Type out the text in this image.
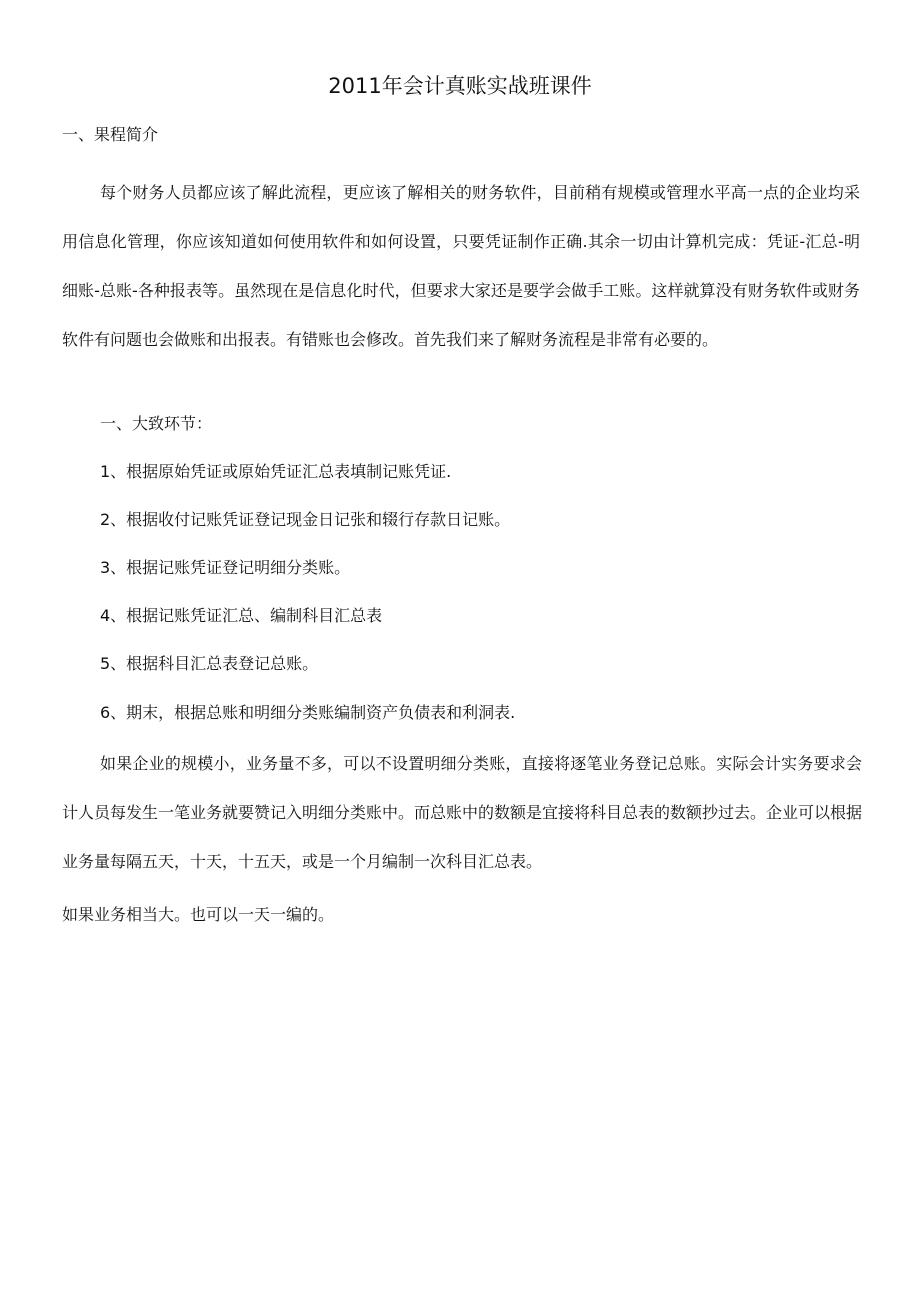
2011年会计真账实战班课件
一、果程简介
每个财务人员都应该了解此流程，更应该了解相关的财务软件，目前稍有规模或管理水平高一点的企业均采用信息化管理，你应该知道如何使用软件和如何设置，只要凭证制作正确.其余一切由计算机完成：凭证-汇总-明细账-总账-各种报表等。虽然现在是信息化时代，但要求大家还是要学会做手工账。这样就算没有财务软件或财务软件有问题也会做账和出报表。有错账也会修改。首先我们来了解财务流程是非常有必要的。
一、大致环节：
1、根据原始凭证或原始凭证汇总表填制记账凭证.
2、根据收付记账凭证登记现金日记张和辍行存款日记账。
3、根据记账凭证登记明细分类账。
4、根据记账凭证汇总、编制科目汇总表
5、根据科目汇总表登记总账。
6、期末，根据总账和明细分类账编制资产负债表和利洞表.
如果企业的规模小，业务量不多，可以不设置明细分类账，直接将逐笔业务登记总账。实际会计实务要求会计人员每发生一笔业务就要赞记入明细分类账中。而总账中的数额是宜接将科目总表的数额抄过去。企业可以根据业务量每隔五天，十天，十五天，或是一个月编制一次科目汇总表。
如果业务相当大。也可以一天一编的。
